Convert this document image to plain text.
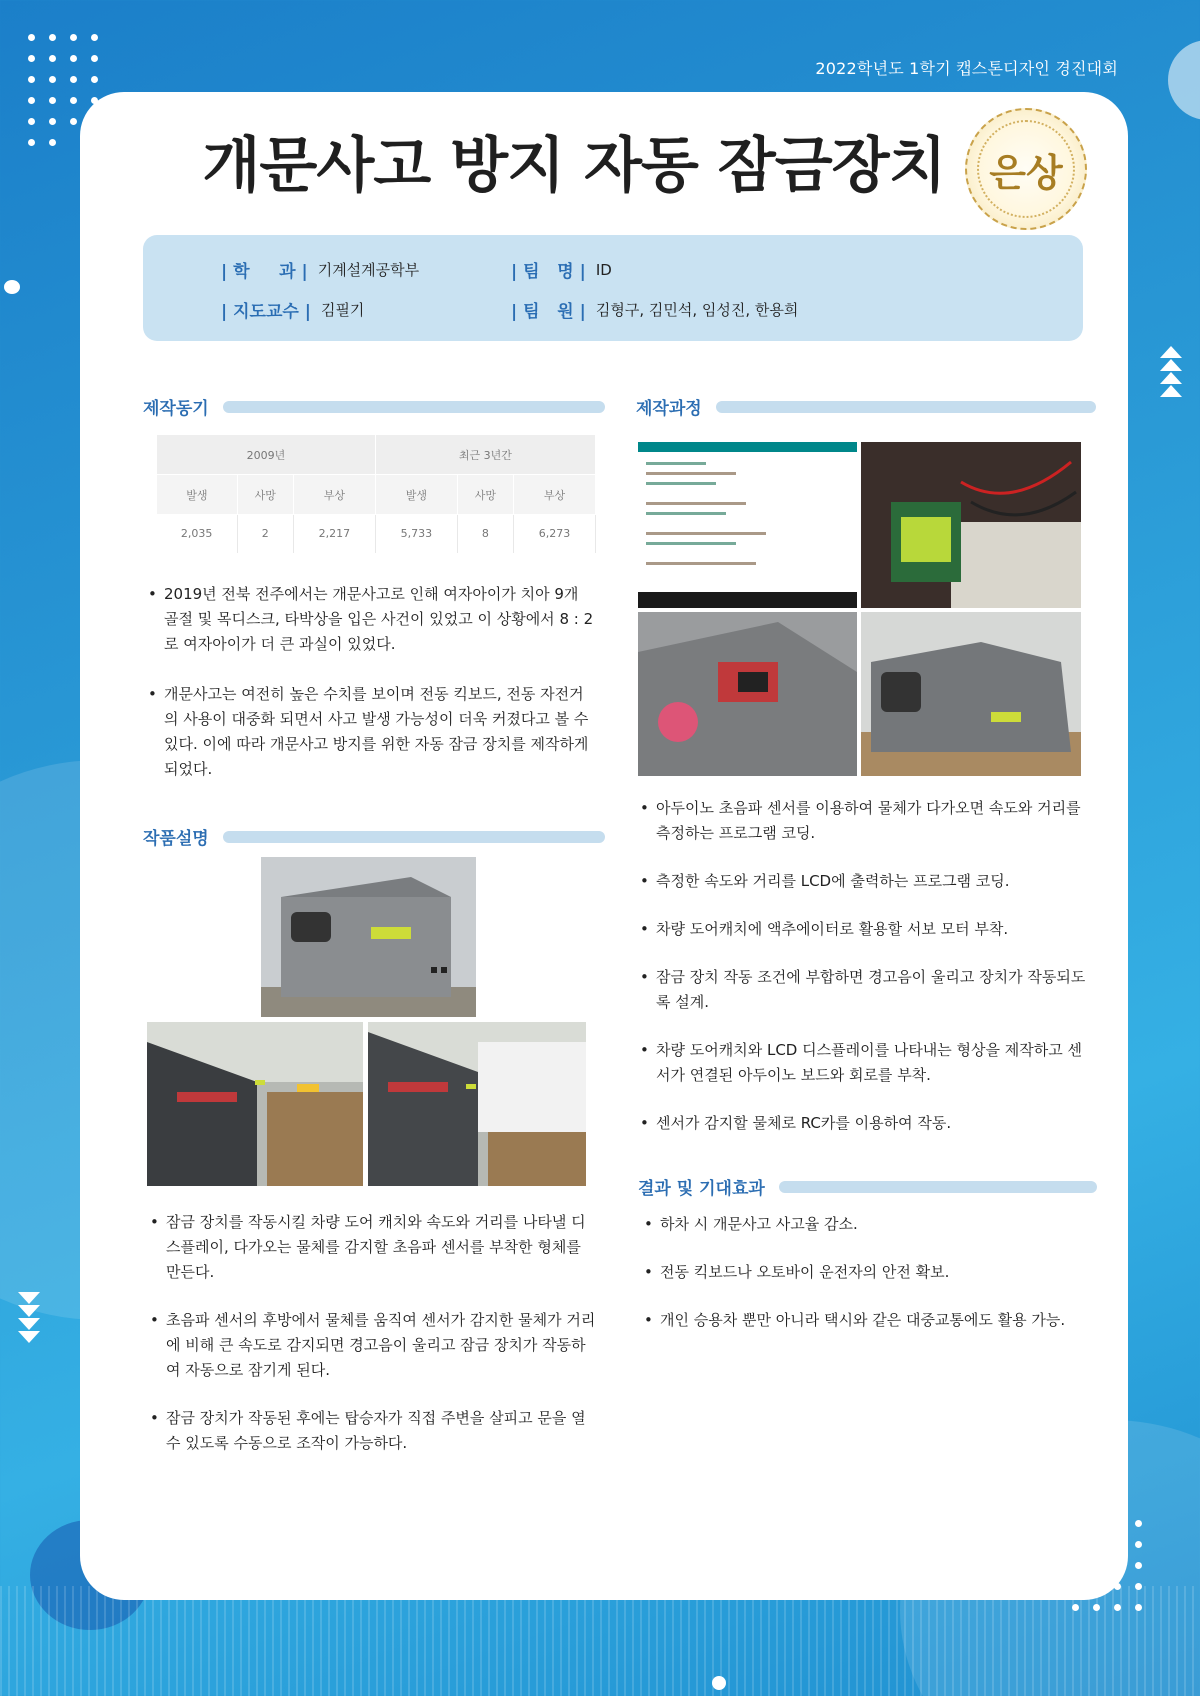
2022학년도 1학기 캡스톤디자인 경진대회
개문사고 방지 자동 잠금장치	은상
| 학     과 | 기계설계공학부
| 지도교수 | 김필기
| 팀   명 | ID
| 팀   원 | 김형구, 김민석, 임성진, 한용희
제작동기
2009년			최근 3년간		
발생	사망	부상	발생	사망	부상
2,035	2	2,217	5,733	8	6,273
• 2019년 전북 전주에서는 개문사고로 인해 여자아이가 치아 9개 골절 및 목디스크, 타박상을 입은 사건이 있었고 이 상황에서 8 : 2로 여자아이가 더 큰 과실이 있었다.
• 개문사고는 여전히 높은 수치를 보이며 전동 킥보드, 전동 자전거의 사용이 대중화 되면서 사고 발생 가능성이 더욱 커졌다고 볼 수 있다. 이에 따라 개문사고 방지를 위한 자동 잠금 장치를 제작하게 되었다.
작품설명
• 잠금 장치를 작동시킬 차량 도어 캐치와 속도와 거리를 나타낼 디스플레이, 다가오는 물체를 감지할 초음파 센서를 부착한 형체를 만든다.
• 초음파 센서의 후방에서 물체를 움직여 센서가 감지한 물체가 거리에 비해 큰 속도로 감지되면 경고음이 울리고 잠금 장치가 작동하여 자동으로 잠기게 된다.
• 잠금 장치가 작동된 후에는 탑승자가 직접 주변을 살피고 문을 열 수 있도록 수동으로 조작이 가능하다.
제작과정
• 아두이노 초음파 센서를 이용하여 물체가 다가오면 속도와 거리를 측정하는 프로그램 코딩.
• 측정한 속도와 거리를 LCD에 출력하는 프로그램 코딩.
• 차량 도어캐치에 액추에이터로 활용할 서보 모터 부착.
• 잠금 장치 작동 조건에 부합하면 경고음이 울리고 장치가 작동되도록 설계.
• 차량 도어캐치와 LCD 디스플레이를 나타내는 형상을 제작하고 센서가 연결된 아두이노 보드와 회로를 부착.
• 센서가 감지할 물체로 RC카를 이용하여 작동.
결과 및 기대효과
• 하차 시 개문사고 사고율 감소.
• 전동 킥보드나 오토바이 운전자의 안전 확보.
• 개인 승용차 뿐만 아니라 택시와 같은 대중교통에도 활용 가능.
